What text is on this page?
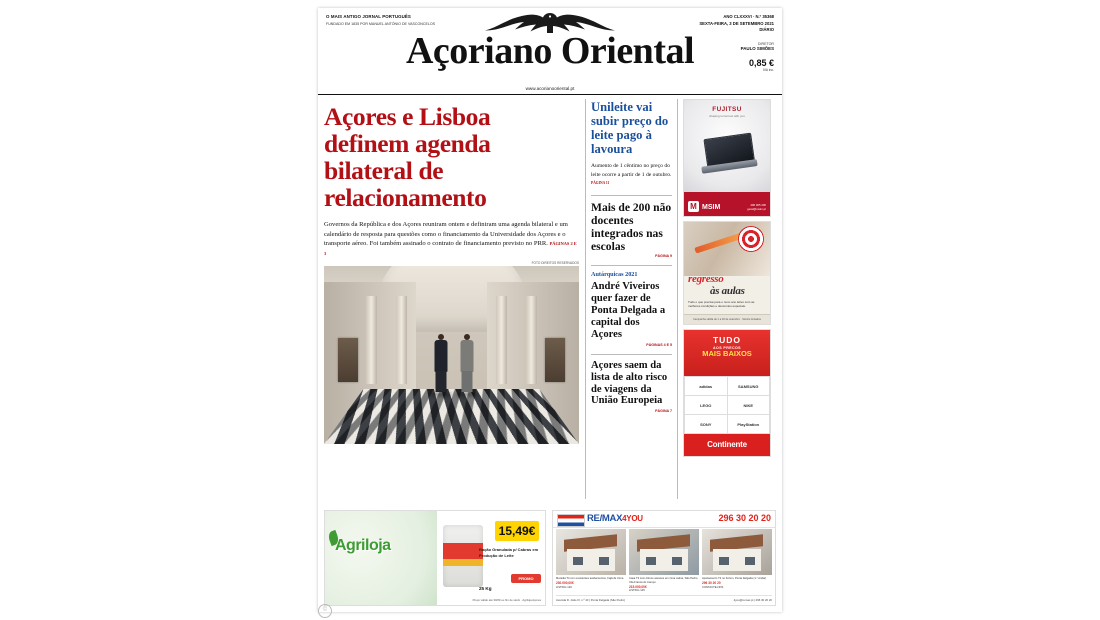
O MAIS ANTIGO JORNAL PORTUGUÊS
FUNDADO EM 1835 POR MANUEL ANTÓNIO DE VASCONCELOS
ANO CLXXXVI · N.º 35368
SEXTA-FEIRA, 3 DE SETEMBRO 2021
DIÁRIO
DIRETOR
PAULO SIMÕES
0,85 €
IVA inc.
Açoriano Oriental
www.acorianooriental.pt
Açores e Lisboa definem agenda bilateral de relacionamento
Governos da República e dos Açores reuniram ontem e definiram uma agenda bilateral e um calendário de resposta para questões como o financiamento da Universidade dos Açores e o transporte aéreo. Foi também assinado o contrato de financiamento previsto no PRR. PÁGINAS 2 E 3
FOTO DIREITOS RESERVADOS
Unileite vai subir preço do leite pago à lavoura
Aumento de 1 cêntimo no preço do leite ocorre a partir de 1 de outubro. PÁGINA 11
Mais de 200 não docentes integrados nas escolas
PÁGINA 9
Autárquicas 2021
André Viveiros quer fazer de Ponta Delgada a capital dos Açores
PÁGINAS 4 E 5
Açores saem da lista de alto risco de viagens da União Europeia
PÁGINA 7
FUJITSU
shaping tomorrow with you
M MSIM	296 305 200
geral@msim.pt
regresso
às aulas
Tudo o que precisa para o novo ano letivo com as melhores condições e descontos especiais.
Campanha válida de 1 a 30 de setembro · Stocks limitados
TUDO
AOS PRECOS
MAIS BAIXOS
adidas	SAMSUNG
LEGO	NIKE
SONY	PlayStation
Continente
Agriloja
15,49€
Ração Granulada p/ Cabras em Produção de Leite
PROMO
25 Kg
Preço válido até 30/09 ou fim de stock · Agriloja Açores
RE/MAX4YOU	296 30 20 20
Moradia T4 com excelentes acabamentos, Fajã de Cima
230.000,00€
LISTING 129
Casa T3 com ótimos acessos em zona calma, São Pedro, Vila Franca do Campo
215.000,00€
LISTING 145
Apartamento T2 no Fórum, Ponta Delgada (1.º Andar)
296 30 20 20
CONTACTE-NOS
Avenida D. João IV, n.º 43 | Ponta Delgada (São Pedro)	4you@remax.pt | 296 30 20 20
©
